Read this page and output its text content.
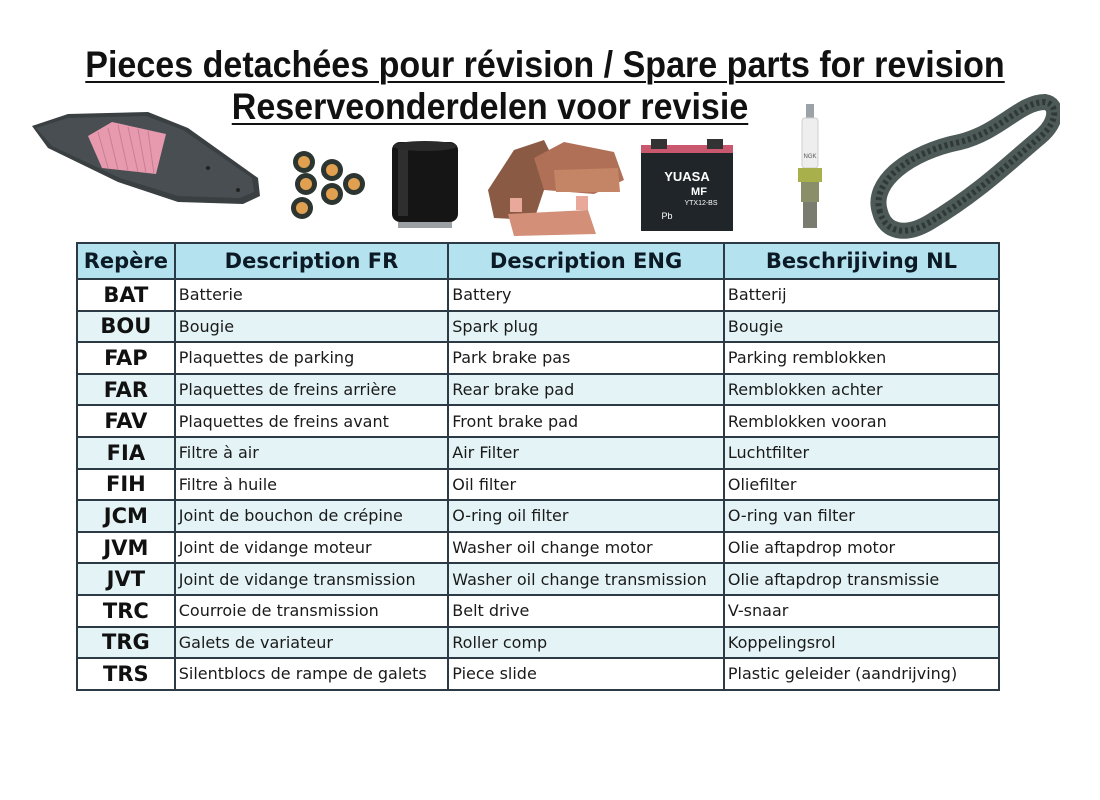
Pieces detachées pour révision / Spare parts for revision
Reserveonderdelen voor revisie
YUASA
MF
YTX12-BS
Pb
NGK
Repère	Description FR	Description ENG	Beschrijiving NL
BAT	Batterie	Battery	Batterij
BOU	Bougie	Spark plug	Bougie
FAP	Plaquettes de parking	Park brake pas	Parking remblokken
FAR	Plaquettes de freins arrière	Rear brake pad	Remblokken achter
FAV	Plaquettes de freins avant	Front brake pad	Remblokken vooran
FIA	Filtre à air	Air Filter	Luchtfilter
FIH	Filtre à huile	Oil filter	Oliefilter
JCM	Joint de bouchon de crépine	O-ring oil filter	O-ring van filter
JVM	Joint de vidange moteur	Washer oil change motor	Olie aftapdrop motor
JVT	Joint de vidange transmission	Washer oil change transmission	Olie aftapdrop transmissie
TRC	Courroie de transmission	Belt drive	V-snaar
TRG	Galets de variateur	Roller comp	Koppelingsrol
TRS	Silentblocs de rampe de galets	Piece slide	Plastic geleider (aandrijving)
